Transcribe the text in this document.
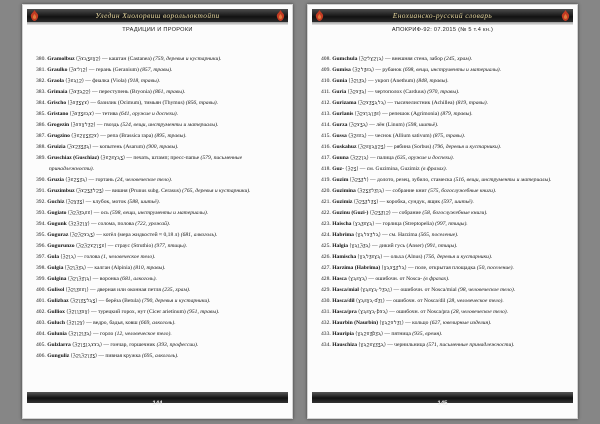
Уледин Хиолорвиш ворольлоктойпи
ТРАДИЦИИ И ПРОРОКИ
380. Gramolbuz (ℨɤϡʓƨɣϩ) — каштан (Castanea) (759, деревья и кустарники).
381. Graulko (ℨɤϟʅϩ) — герань (Geranium) (857, травы).
382. Graola (ℨɤϡʅϩ) — фиалка (Viola) (918, травы).
383. Grimaia (ℨɤƺϡϩϩ) — переступень (Bryonia) (861, травы).
384. Grischo (ℨɤƺʓɣɤ) — базилик (Ocimum), тимьян (Thymus) (856, травы).
385. Gristano (ℨɤƺʓƨϡɤ) — тетива (641, оружие и доспехи).
386. Grogezin (ℨɤɤɣϟƺϩ) — гвоздь (524, вещи, инструменты и материалы).
387. Grugzino (ℨɤϩɣʓƺϩɤ) — репа (Brassica rapa) (895, травы).
388. Gruizia (ℨɤϩƺʓƺϡ) — копытень (Asarum) (900, травы).
389. Gruschiaz (Guschiaz) (ℨɤϩƨɣϡʓ) — печать, штамп; пресс-папье (579, письменные принадлежности).
390. Gruzia (ℨɤϩʓƺϡ) — гортань (24, человеческое тело).
391. Gruzimbuz (ℨɤϩʓƺϟϩʓ) — вишня (Prunus subg. Cerasus) (765, деревья и кустарники).
392. Guchiz (ℨϩɣƺʓ) — клубок, моток (588, шитьё).
393. Gugiato (ℨϩℨƺϡƨɤ) — ось (598, вещи, инструменты и материалы).
394. Gugunk (ℨϩℨϩʅɣ) — солома, полова (722, урожай).
395. Guguraz (ℨϩℨϩɤϡʓ) — котёл (мера жидкостей ≈ 0,18 л) (681, алкоголь).
396. Gugurunzo (ℨϩℨϩɤϩʅʓɤ) — страус (Struthio) (977, птицы).
397. Gula (ℨϩʅϡ) — голова (1, человеческое тело).
398. Gulgia (ℨϩʅℨƺϡ) — калган (Alpinia) (810, травы).
399. Gulgina (ℨϩʅℨƺʅϡ) — воронка (681, алкоголь).
400. Gulisol (ℨϩʅƺƨɤʅ) — дверная или оконная петля (235, храм).
401. Gulizbaz (ℨϩʅƺʓϟϡʓ) — берёза (Betula) (790, деревья и кустарники).
402. Gulliox (ℨϩʅʅƺɤɣ) — турецкий горох, нут (Cicer arietinum) (951, травы).
403. Guluch (ℨϩʅϩɣ) — ведро, бадья, ковш (669, алкоголь).
404. Gulunia (ℨϩʅϩʅƺϡ) — горло (12, человеческое тело).
405. Gulzlarra (ℨϩʅʓʅϡɤɤϡ) — гончар, горшечник (393, профессии).
406. Gunguliz (ℨϩʅℨϩʅƺʓ) — пивная кружка (695, алкоголь).
144
Енохианско-русский словарь
АПОКРИФ-92: 07.2015 (№ 5 т.4 кн.)
408. Gumchula (ℨϩϟɣϩʅϡ) — внешняя стена, забор (245, храм).
409. Gumisa (ℨϩϟƺƨϡ) — рубанок (698, вещи, инструменты и материалы).
410. Gunia (ℨϩʅƺϡ) — укроп (Anethum) (848, травы).
411. Guria (ℨϩɤƺϡ) — чертополох (Carduus) (970, травы).
412. Gurizama (ℨϩɤƺʓϡϟϡ) — тысячелистник (Achillea) (819, травы).
413. Gurlanis (ℨϩɤʅϡʅƺƨ) — репешок (Agrimonia) (879, травы).
414. Gurza (ℨϩɤʓϡ) — лён (Linum) (598, шитьё).
415. Gussa (ℨϩƨƨϡ) — чеснок (Allium sativum) (875, травы).
416. Guskahuz (ℨϩƨɣϡɣϩʓ) — рябина (Sorbus) (796, деревья и кустарники).
417. Guuna (ℨϩϩʅϡ) — палица (635, оружие и доспехи).
418. Guz- (ℨϩʓ) — см. Guzimina, Guzimiz (в фразах).
419. Guzim (ℨϩʓƺϟ) — долото, резец, зубило, стамеска (516, вещи, инструменты и материалы).
420. Guzimina (ℨϩʓƺϟƺʅϡ) — собрание книг (575, богослужебные книги).
421. Guzimiz (ℨϩʓƺϟƺʓ) — коробка, сундук, ящик (597, шитьё).
422. Guzinu (Guzi-) (ℨϩʓƺʅϩ) — собрание (58, богослужебные книги).
423. Haischa (ɣϡƺƨɣϡ) — горлица (Streptopelia) (997, птицы).
424. Habrima (ɣϡϟɤƺϟϡ) — см. Harzima (565, поселение).
425. Halgia (ɣϡʅℨƺϡ) — дикий гусь (Anser) (991, птицы).
426. Hamischa (ɣϡϟƺƨɣϡ) — ольха (Alnus) (756, деревья и кустарники).
427. Harzima (Habrima) (ɣϡɤʓƺϟϡ) — поле, открытая площадка (50, поселение).
428. Hasca (ɣϡƨɣϡ) — ошибочн. от Nosca- (в фразах).
429. Hasca/mial (ɣϡƨɣϡ·ϟƺϡʅ) — ошибочн. от Nosca/mial (98, человеческое тело).
430. Hasca/dil (ɣϡƨɣϡ·ɗƺʅ) — ошибочн. от Nosca/dil (28, человеческое тело).
431. Hasca/pra (ɣϡƨɣϡ·ƥɤϡ) — ошибочн. от Nosca/pra (28, человеческое тело).
432. Haurbin (Naurbin) (ɣϡϩɤϟƺʅ) — кольцо (627, ювелирные изделия).
433. Hauripia (ɣϡϩɤƺƥƺϡ) — пятница (935, время).
434. Hauschiza (ɣϡϩƨɣƺʓϡ) — чернильница (571, письменные принадлежности).
145
